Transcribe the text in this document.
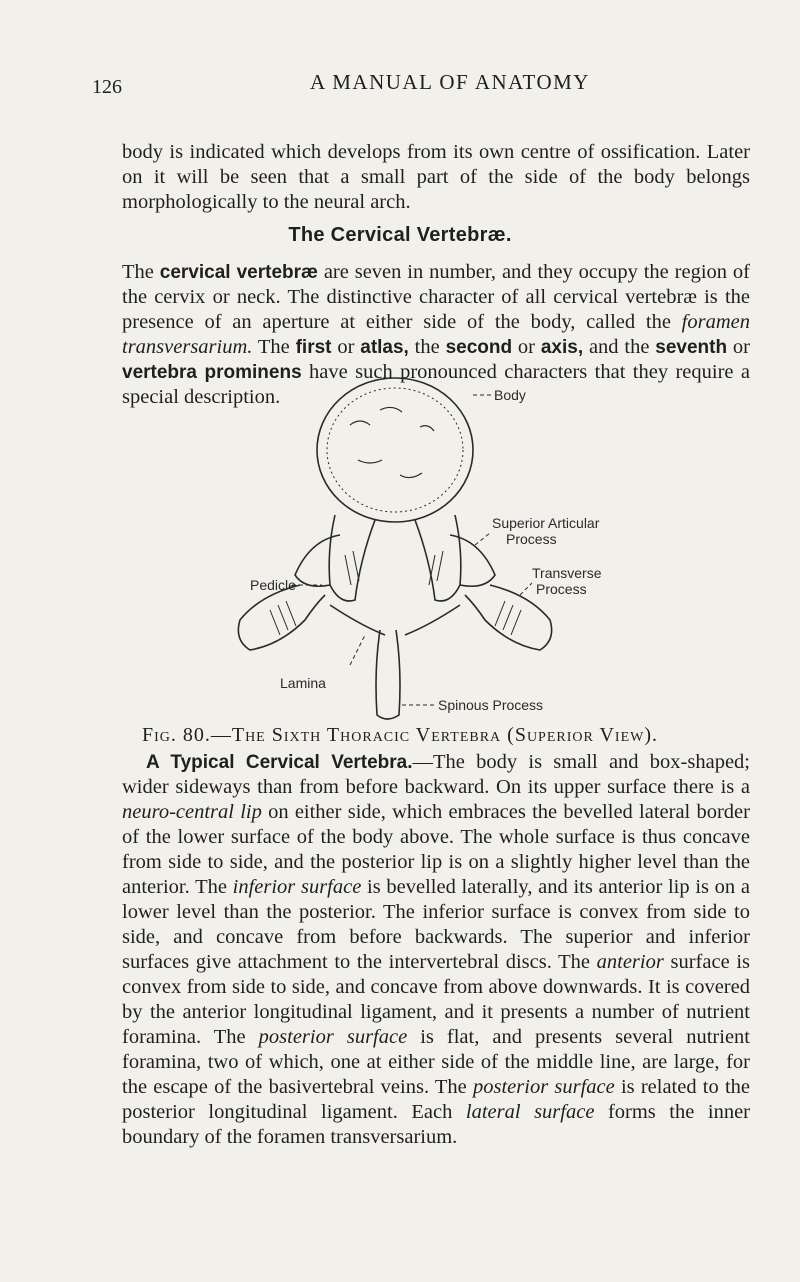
126	A MANUAL OF ANATOMY

body is indicated which develops from its own centre of ossification. Later on it will be seen that a small part of the side of the body belongs morphologically to the neural arch.

The Cervical Vertebræ.

The cervical vertebræ are seven in number, and they occupy the region of the cervix or neck. The distinctive character of all cervical vertebræ is the presence of an aperture at either side of the body, called the foramen transversarium. The first or atlas, the second or axis, and the seventh or vertebra prominens have such pronounced characters that they require a special description.	Body
Pedicle
Superior Articular
Process
Transverse
Process
Lamina
Spinous Process
Fig. 80.—The Sixth Thoracic Vertebra (Superior View).

A Typical Cervical Vertebra.—The body is small and box-shaped; wider sideways than from before backward. On its upper surface there is a neuro-central lip on either side, which embraces the bevelled lateral border of the lower surface of the body above. The whole surface is thus concave from side to side, and the posterior lip is on a slightly higher level than the anterior. The inferior surface is bevelled laterally, and its anterior lip is on a lower level than the posterior. The inferior surface is convex from side to side, and concave from before backwards. The superior and inferior surfaces give attachment to the intervertebral discs. The anterior surface is convex from side to side, and concave from above downwards. It is covered by the anterior longitudinal ligament, and it presents a number of nutrient foramina. The posterior surface is flat, and presents several nutrient foramina, two of which, one at either side of the middle line, are large, for the escape of the basivertebral veins. The posterior surface is related to the posterior longitudinal ligament. Each lateral surface forms the inner boundary of the foramen transversarium.
